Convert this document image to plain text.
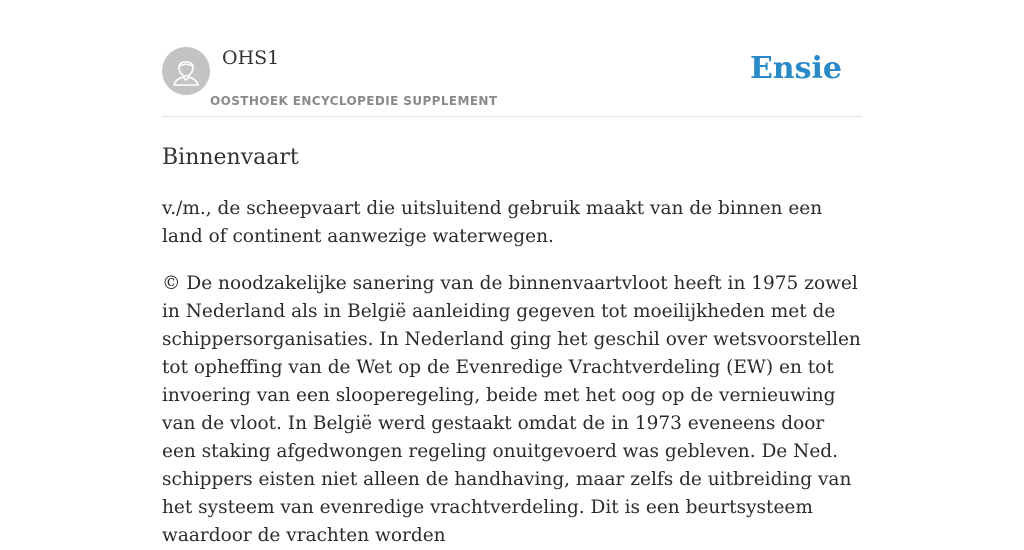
OHS1

OOSTHOEK ENCYCLOPEDIE SUPPLEMENT
Ensie
Binnenvaart

v./m., de scheepvaart die uitsluitend gebruik maakt van de binnen een land of continent aanwezige waterwegen.

© De noodzakelijke sanering van de binnenvaartvloot heeft in 1975 zowel in Nederland als in België aanleiding gegeven tot moeilijkheden met de schippersorganisaties. In Nederland ging het geschil over wetsvoorstellen tot opheffing van de Wet op de Evenredige Vrachtverdeling (EW) en tot invoering van een slooperegeling, beide met het oog op de vernieuwing van de vloot. In België werd gestaakt omdat de in 1973 eveneens door een staking afgedwongen regeling onuitgevoerd was gebleven. De Ned. schippers eisten niet alleen de handhaving, maar zelfs de uitbreiding van het systeem van evenredige vrachtverdeling. Dit is een beurtsysteem waardoor de vrachten worden
